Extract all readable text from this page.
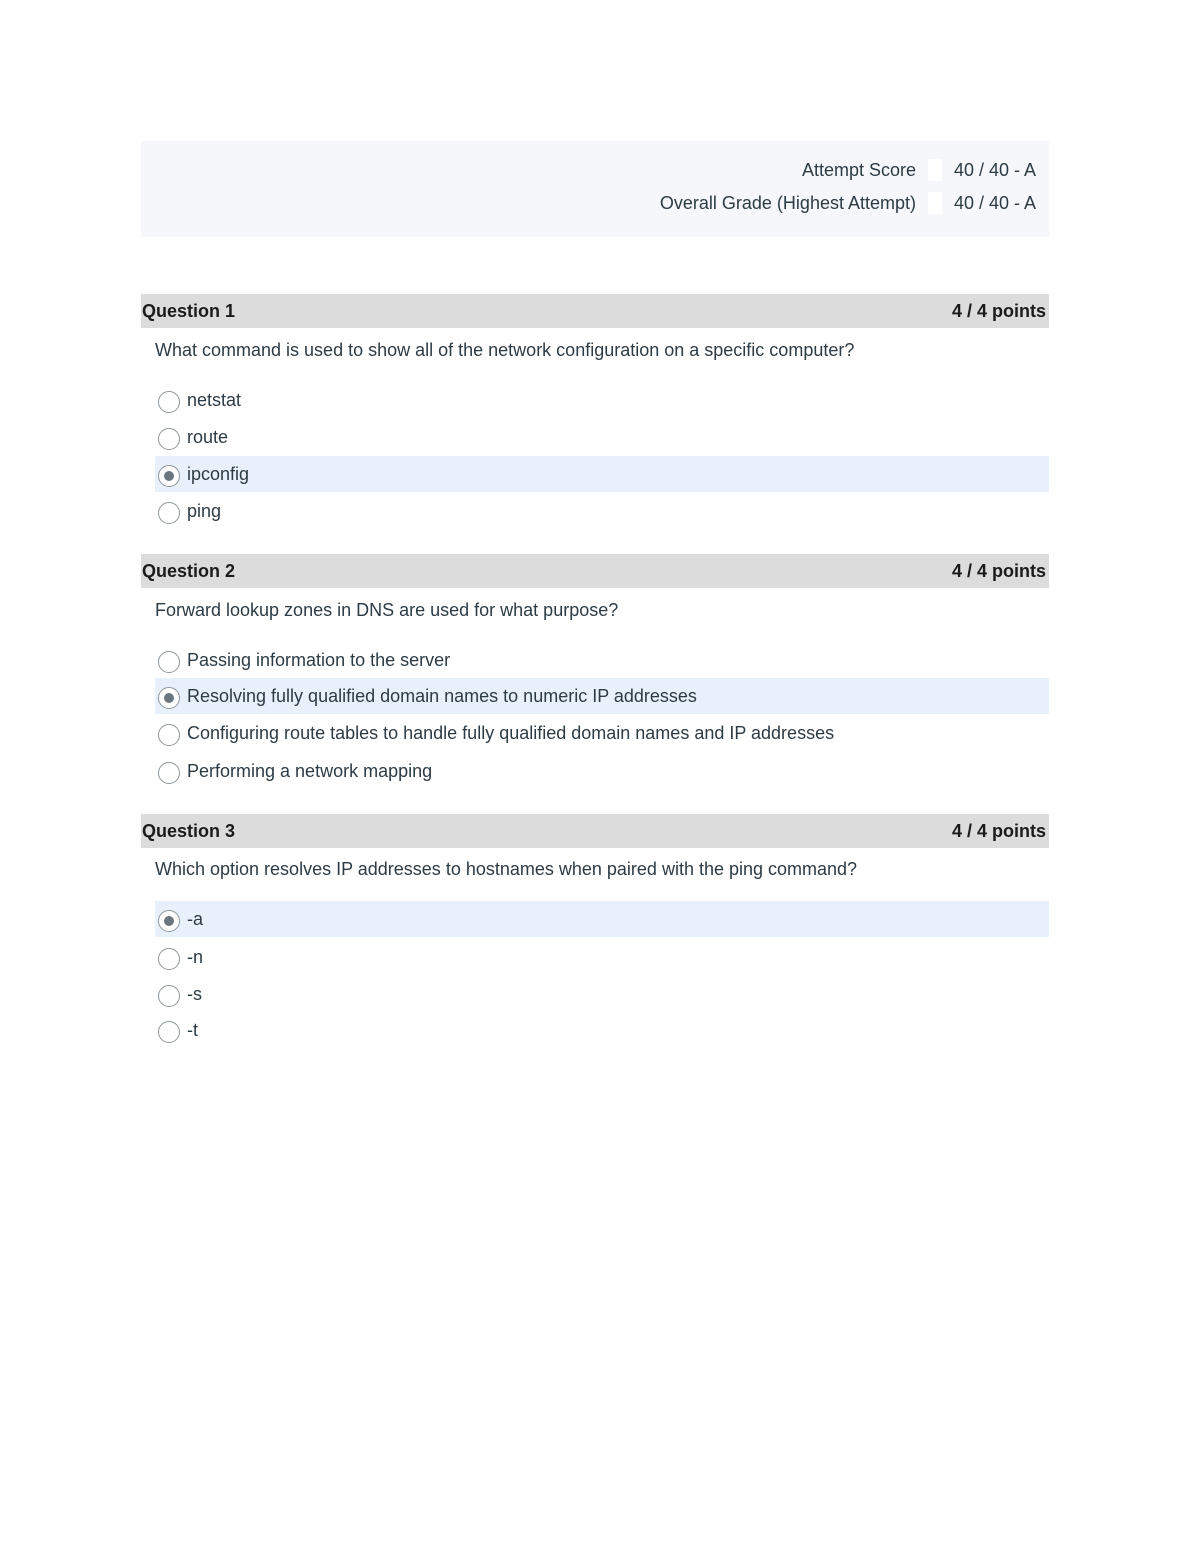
Attempt Score	40 / 40 - A
Overall Grade (Highest Attempt)	40 / 40 - A
Question 1	4 / 4 points
What command is used to show all of the network configuration on a specific computer?
netstat
route
ipconfig
ping
Question 2	4 / 4 points
Forward lookup zones in DNS are used for what purpose?
Passing information to the server
Resolving fully qualified domain names to numeric IP addresses
Configuring route tables to handle fully qualified domain names and IP addresses
Performing a network mapping
Question 3	4 / 4 points
Which option resolves IP addresses to hostnames when paired with the ping command?
-a
-n
-s
-t
